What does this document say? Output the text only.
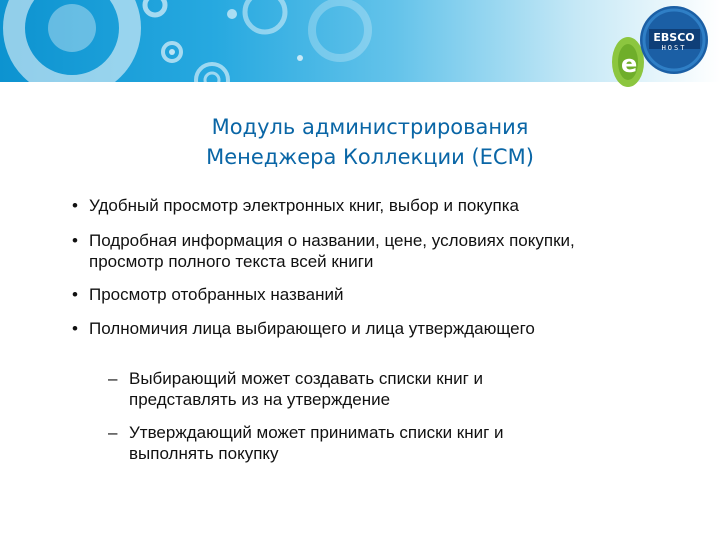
e
EBSCO
HOST
Модуль администрирования
Менеджера Коллекции (ЕСМ)
• Удобный просмотр электронных книг, выбор и покупка
• Подробная информация о названии, цене, условиях покупки, просмотр полного текста всей книги
• Просмотр отобранных названий
• Полномичия лица выбирающего и лица утверждающего
– Выбирающий может создавать списки книг и представлять из на утверждение
– Утверждающий может принимать списки книг и выполнять покупку
